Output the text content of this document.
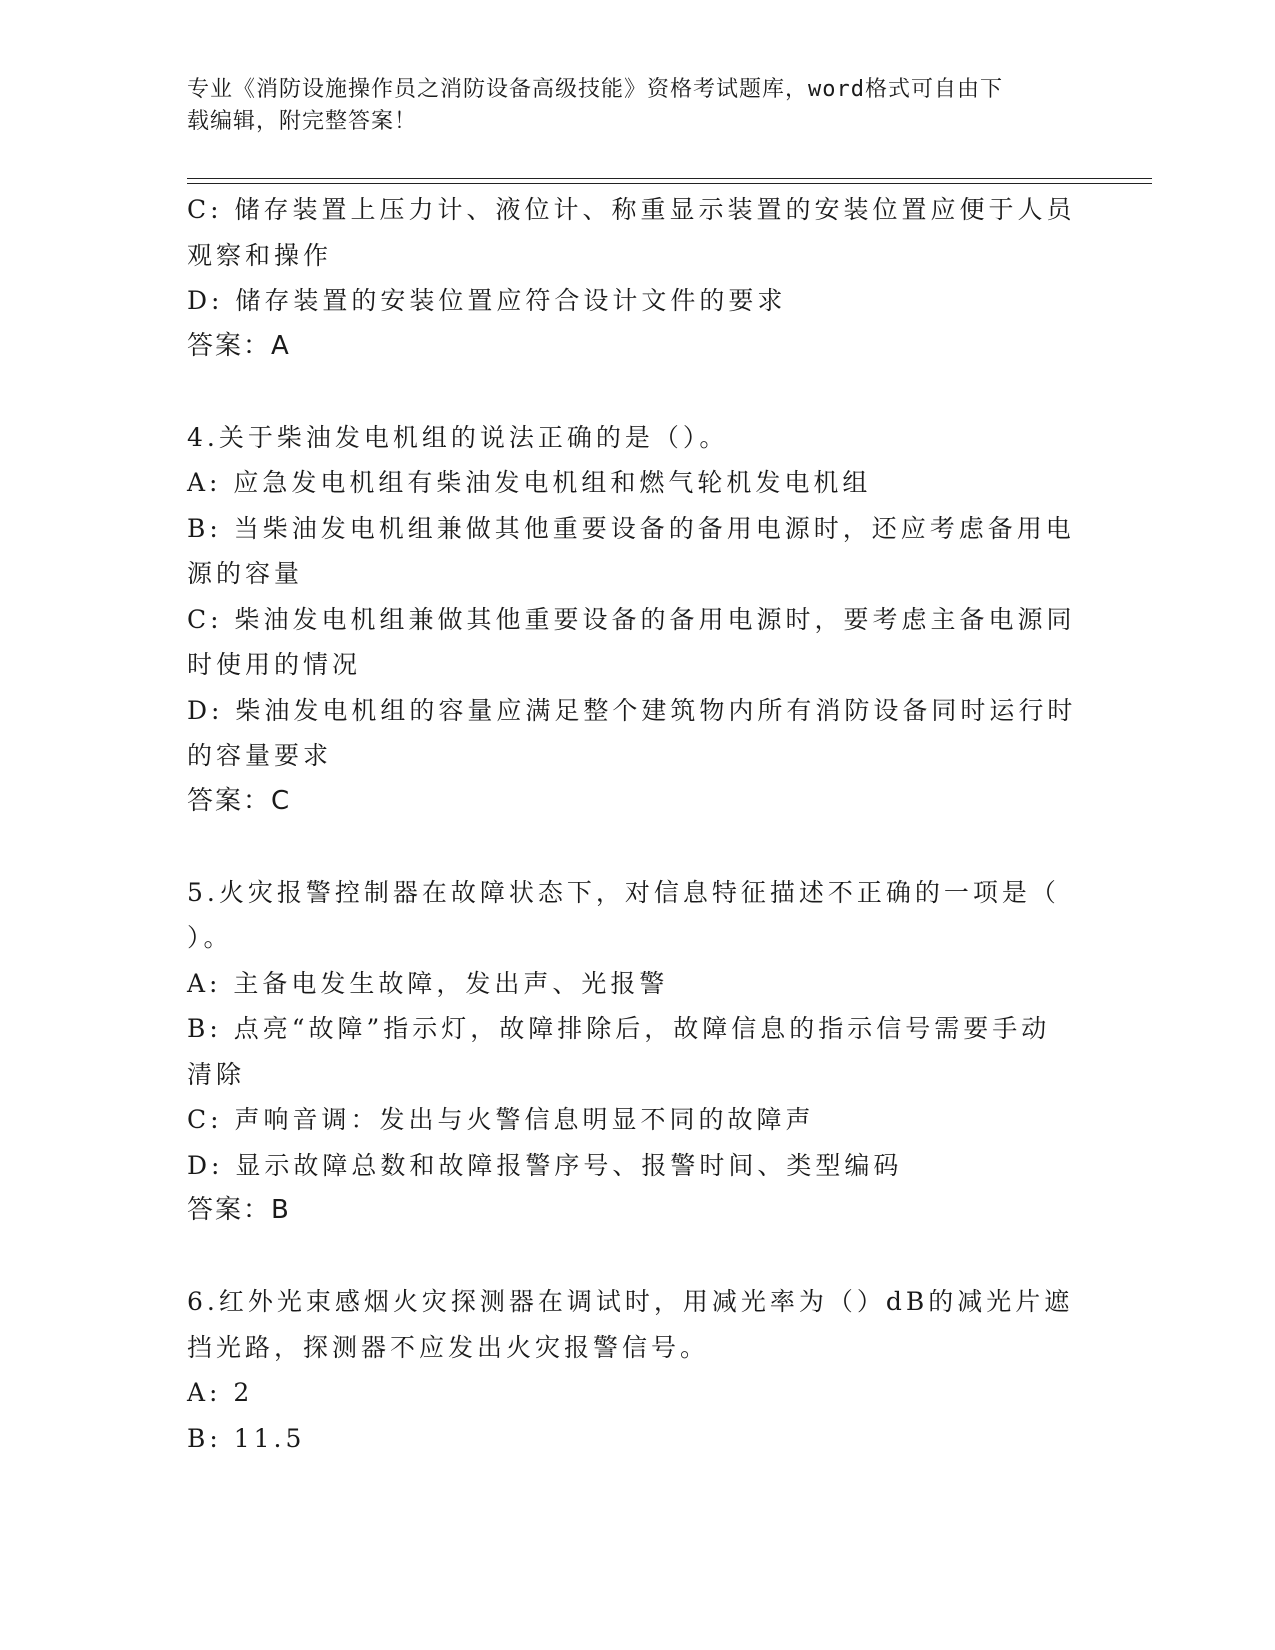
专业《消防设施操作员之消防设备高级技能》资格考试题库，word格式可自由下
载编辑，附完整答案！
C: 储存装置上压力计、液位计、称重显示装置的安装位置应便于人员
观察和操作
D: 储存装置的安装位置应符合设计文件的要求
答案：A
4.关于柴油发电机组的说法正确的是（）。
A: 应急发电机组有柴油发电机组和燃气轮机发电机组
B: 当柴油发电机组兼做其他重要设备的备用电源时，还应考虑备用电
源的容量
C: 柴油发电机组兼做其他重要设备的备用电源时，要考虑主备电源同
时使用的情况
D: 柴油发电机组的容量应满足整个建筑物内所有消防设备同时运行时
的容量要求
答案：C
5.火灾报警控制器在故障状态下，对信息特征描述不正确的一项是（
）。
A: 主备电发生故障，发出声、光报警
B: 点亮“故障”指示灯，故障排除后，故障信息的指示信号需要手动
清除
C: 声响音调：发出与火警信息明显不同的故障声
D: 显示故障总数和故障报警序号、报警时间、类型编码
答案：B
6.红外光束感烟火灾探测器在调试时，用减光率为（）dB的减光片遮
挡光路，探测器不应发出火灾报警信号。
A: 2
B: 11.5
